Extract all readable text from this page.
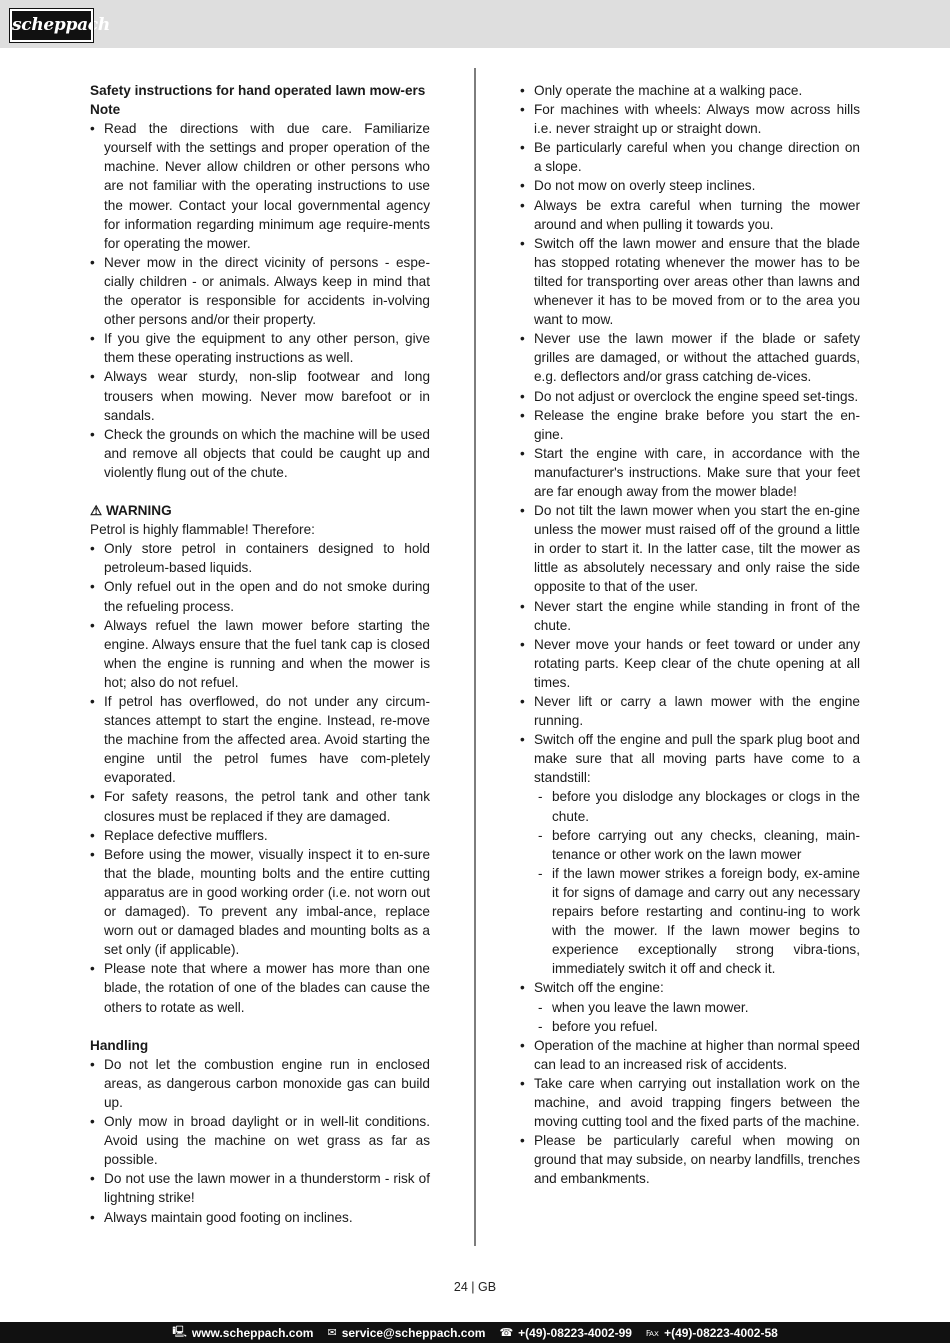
scheppach
Safety instructions for hand operated lawn mow-ers
Note
• Read the directions with due care. Familiarize yourself with the settings and proper operation of the machine. Never allow children or other persons who are not familiar with the operating instructions to use the mower. Contact your local governmental agency for information regarding minimum age require-ments for operating the mower.
• Never mow in the direct vicinity of persons - espe-cially children - or animals. Always keep in mind that the operator is responsible for accidents in-volving other persons and/or their property.
• If you give the equipment to any other person, give them these operating instructions as well.
• Always wear sturdy, non-slip footwear and long trousers when mowing. Never mow barefoot or in sandals.
• Check the grounds on which the machine will be used and remove all objects that could be caught up and violently flung out of the chute.
⚠ WARNING
Petrol is highly flammable! Therefore:
• Only store petrol in containers designed to hold petroleum-based liquids.
• Only refuel out in the open and do not smoke during the refueling process.
• Always refuel the lawn mower before starting the engine. Always ensure that the fuel tank cap is closed when the engine is running and when the mower is hot; also do not refuel.
• If petrol has overflowed, do not under any circum-stances attempt to start the engine. Instead, re-move the machine from the affected area. Avoid starting the engine until the petrol fumes have com-pletely evaporated.
• For safety reasons, the petrol tank and other tank closures must be replaced if they are damaged.
• Replace defective mufflers.
• Before using the mower, visually inspect it to en-sure that the blade, mounting bolts and the entire cutting apparatus are in good working order (i.e. not worn out or damaged). To prevent any imbal-ance, replace worn out or damaged blades and mounting bolts as a set only (if applicable).
• Please note that where a mower has more than one blade, the rotation of one of the blades can cause the others to rotate as well.
Handling
• Do not let the combustion engine run in enclosed areas, as dangerous carbon monoxide gas can build up.
• Only mow in broad daylight or in well-lit conditions. Avoid using the machine on wet grass as far as possible.
• Do not use the lawn mower in a thunderstorm - risk of lightning strike!
• Always maintain good footing on inclines.
• Only operate the machine at a walking pace.
• For machines with wheels: Always mow across hills i.e. never straight up or straight down.
• Be particularly careful when you change direction on a slope.
• Do not mow on overly steep inclines.
• Always be extra careful when turning the mower around and when pulling it towards you.
• Switch off the lawn mower and ensure that the blade has stopped rotating whenever the mower has to be tilted for transporting over areas other than lawns and whenever it has to be moved from or to the area you want to mow.
• Never use the lawn mower if the blade or safety grilles are damaged, or without the attached guards, e.g. deflectors and/or grass catching de-vices.
• Do not adjust or overclock the engine speed set-tings.
• Release the engine brake before you start the en-gine.
• Start the engine with care, in accordance with the manufacturer's instructions. Make sure that your feet are far enough away from the mower blade!
• Do not tilt the lawn mower when you start the en-gine unless the mower must raised off of the ground a little in order to start it. In the latter case, tilt the mower as little as absolutely necessary and only raise the side opposite to that of the user.
• Never start the engine while standing in front of the chute.
• Never move your hands or feet toward or under any rotating parts. Keep clear of the chute opening at all times.
• Never lift or carry a lawn mower with the engine running.
• Switch off the engine and pull the spark plug boot and make sure that all moving parts have come to a standstill:
- before you dislodge any blockages or clogs in the chute.
- before carrying out any checks, cleaning, main-tenance or other work on the lawn mower
- if the lawn mower strikes a foreign body, ex-amine it for signs of damage and carry out any necessary repairs before restarting and continu-ing to work with the mower. If the lawn mower begins to experience exceptionally strong vibra-tions, immediately switch it off and check it.
• Switch off the engine:
- when you leave the lawn mower.
- before you refuel.
• Operation of the machine at higher than normal speed can lead to an increased risk of accidents.
• Take care when carrying out installation work on the machine, and avoid trapping fingers between the moving cutting tool and the fixed parts of the machine.
• Please be particularly careful when mowing on ground that may subside, on nearby landfills, trenches and embankments.
24 | GB
🖳 www.scheppach.com ✉ service@scheppach.com ☎ +(49)-08223-4002-99 ℻ +(49)-08223-4002-58
